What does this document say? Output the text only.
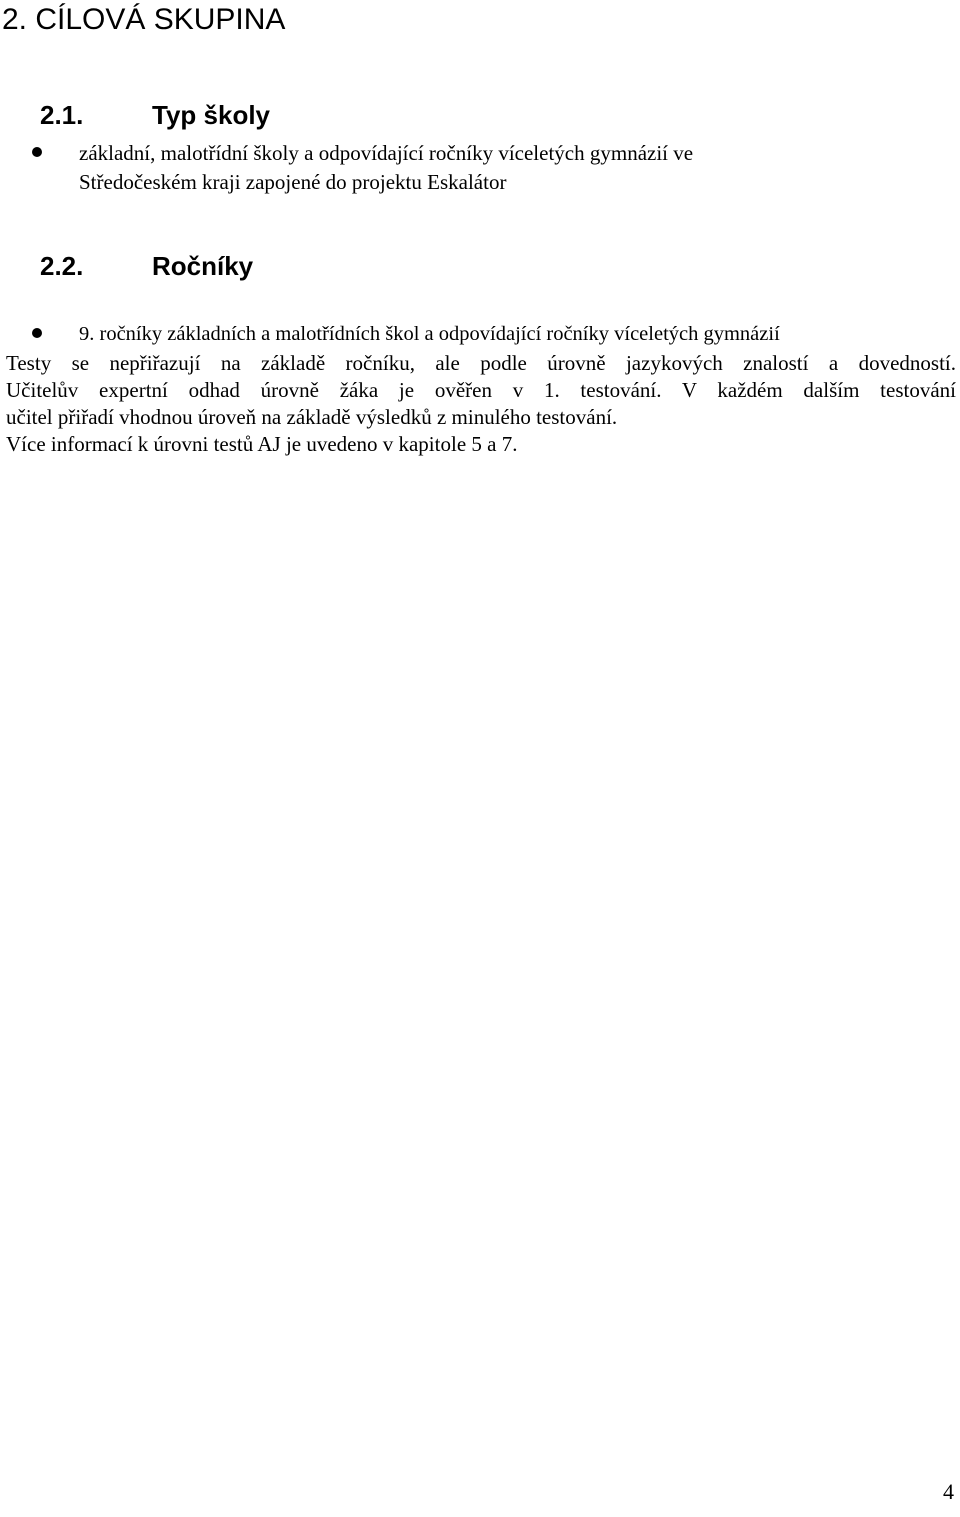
2. CÍLOVÁ SKUPINA
2.1.	Typ školy
základní, malotřídní školy a odpovídající ročníky víceletých gymnázií ve
Středočeském kraji zapojené do projektu Eskalátor
2.2.	Ročníky
9. ročníky základních a malotřídních škol a odpovídající ročníky víceletých gymnázií
Testy se nepřiřazují na základě ročníku, ale podle úrovně jazykových znalostí a dovedností.
Učitelův expertní odhad úrovně žáka je ověřen v 1. testování. V každém dalším testování
učitel přiřadí vhodnou úroveň na základě výsledků z minulého testování.
Více informací k úrovni testů AJ je uvedeno v kapitole 5 a 7.
4
